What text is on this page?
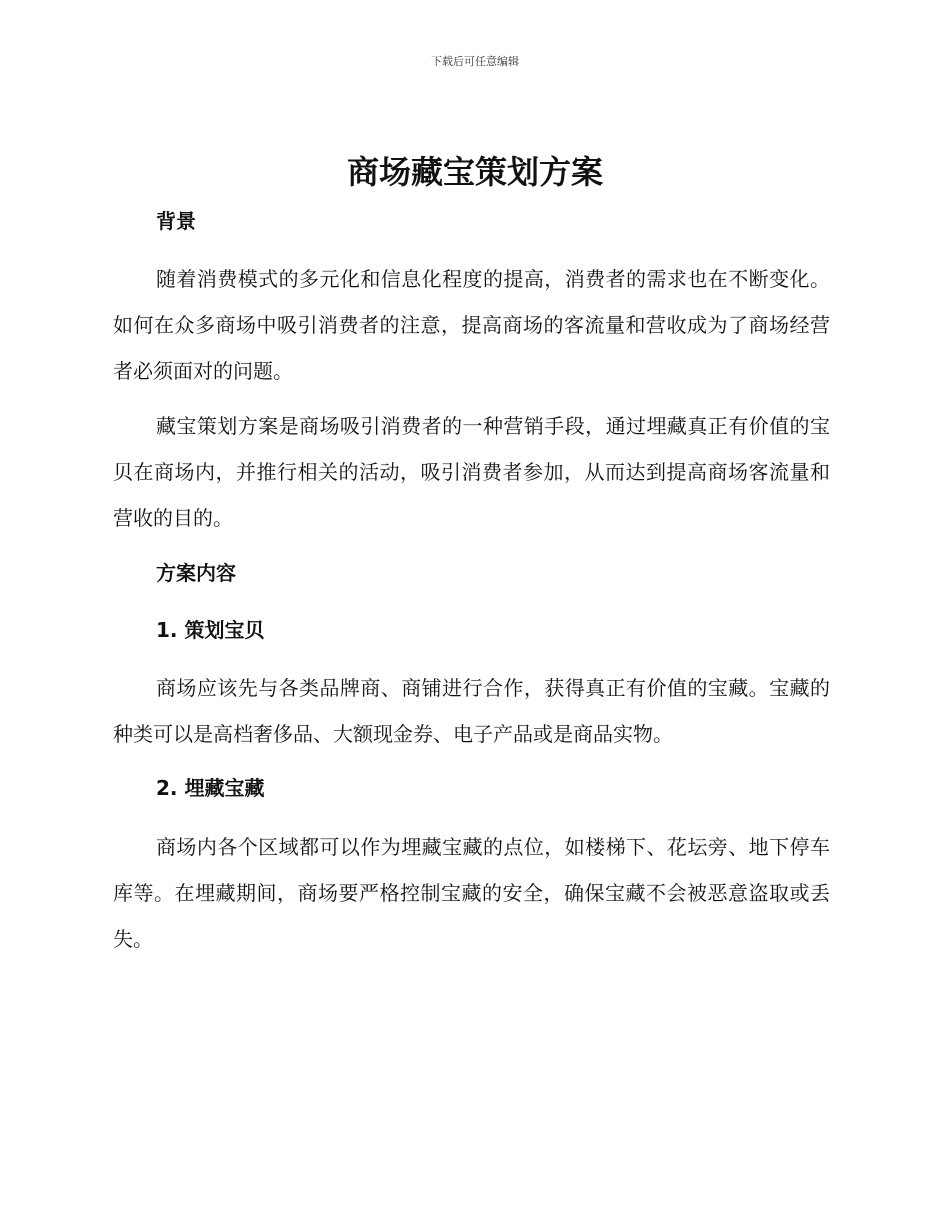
下载后可任意编辑
商场藏宝策划方案
背景
随着消费模式的多元化和信息化程度的提高，消费者的需求也在不断变化。如何在众多商场中吸引消费者的注意，提高商场的客流量和营收成为了商场经营者必须面对的问题。
藏宝策划方案是商场吸引消费者的一种营销手段，通过埋藏真正有价值的宝贝在商场内，并推行相关的活动，吸引消费者参加，从而达到提高商场客流量和营收的目的。
方案内容
1. 策划宝贝
商场应该先与各类品牌商、商铺进行合作，获得真正有价值的宝藏。宝藏的种类可以是高档奢侈品、大额现金券、电子产品或是商品实物。
2. 埋藏宝藏
商场内各个区域都可以作为埋藏宝藏的点位，如楼梯下、花坛旁、地下停车库等。在埋藏期间，商场要严格控制宝藏的安全，确保宝藏不会被恶意盗取或丢失。
